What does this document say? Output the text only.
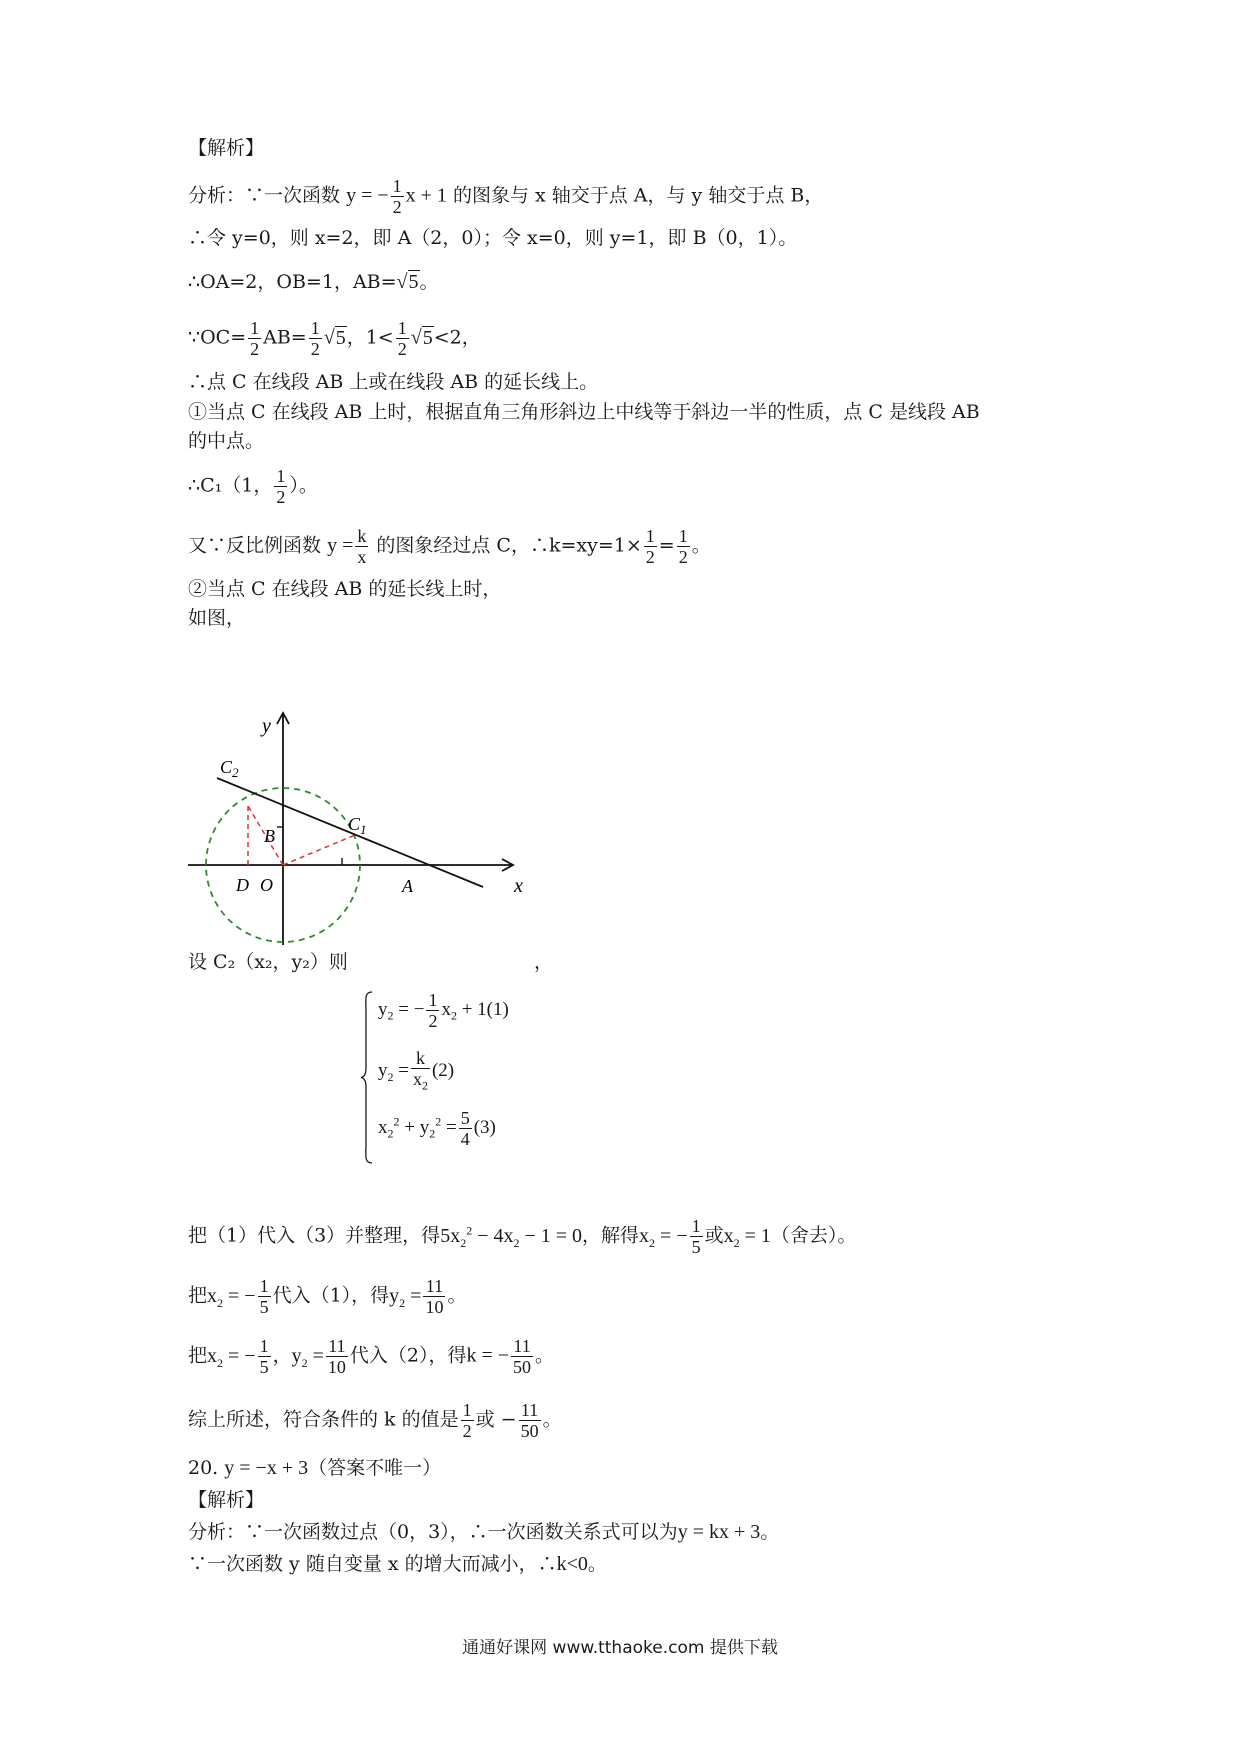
【解析】
分析：∵一次函数 y = − $\frac{1}{2}$ x + 1 的图象与 x 轴交于点 A，与 y 轴交于点 B，
∴令 y=0，则 x=2，即 A（2，0）；令 x=0，则 y=1，即 B（0，1）。
∴OA=2，OB=1，AB=√5。
∵OC= $\frac{1}{2} AB= \frac{1}{2} √5$，$1< \frac{1}{2} √5<2$，
∴点 C 在线段 AB 上或在线段 AB 的延长线上。
①当点 C 在线段 AB 上时，根据直角三角形斜边上中线等于斜边一半的性质，点 C 是线段 AB
的中点。
∴C₁（1， $\frac{1}{2}$ ）。
又∵反比例函数 $y = \frac{k}{x}$ 的图象经过点 C，∴k=xy=1× $\frac{1}{2} = \frac{1}{2}$ 。
②当点 C 在线段 AB 的延长线上时，
如图，
y
x
$C_2$
$C_1$
B
D O	A
设 C₂（x₂，y₂）则
$y_2$ = − $\frac{1}{2} x_2 + 1(1)$
$y_2 = \frac{k}{x_2} (2)$
$x_2^2 + y_2^2 = \frac{5}{4} (3)$
，
把（1）代入（3）并整理，得$5x_2^2 - 4x_2 - 1 = 0$，解得$x_2$ = − $\frac{1}{5}$ 或$x_2 = 1$（舍去）。
把$x_2$ = − $\frac{1}{5}$ 代入（1），得$y_2 = \frac{11}{10}$ 。
把$x_2$ = − $\frac{1}{5}$ ，$y_2 = \frac{11}{10}$ 代入（2），得k = − $\frac{11}{50}$ 。
综上所述，符合条件的 k 的值是 $\frac{1}{2}$ 或 − $\frac{11}{50}$ 。
20. y = −x + 3（答案不唯一）
【解析】
分析：∵一次函数过点（0，3），∴一次函数关系式可以为y = kx + 3。
∵一次函数 y 随自变量 x 的增大而减小，∴k<0。
通通好课网 www.tthaoke.com 提供下载
